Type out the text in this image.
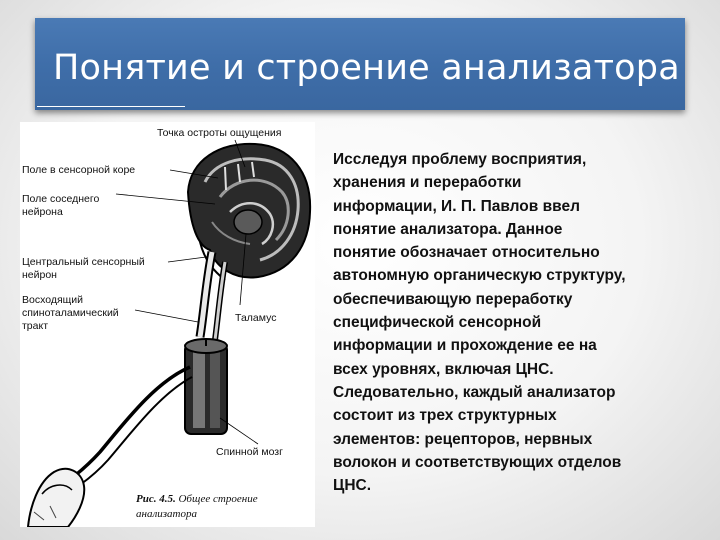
Понятие и строение анализатора
Точка остроты ощущения
Поле в сенсорной коре
Поле соседнего
нейрона
Центральный сенсорный
нейрон
Восходящий
спиноталамический
тракт
Таламус
Спинной мозг
Рис. 4.5. Общее строение
анализатора
Исследуя проблему восприятия,
хранения и переработки
информации, И. П. Павлов ввел
понятие анализатора. Данное
понятие обозначает относительно
автономную органическую структуру,
обеспечивающую переработку
специфической сенсорной
информации и прохождение ее на
всех уровнях, включая ЦНС.
Следовательно, каждый анализатор
состоит из трех структурных
элементов: рецепторов, нервных
волокон и соответствующих отделов
ЦНС.
